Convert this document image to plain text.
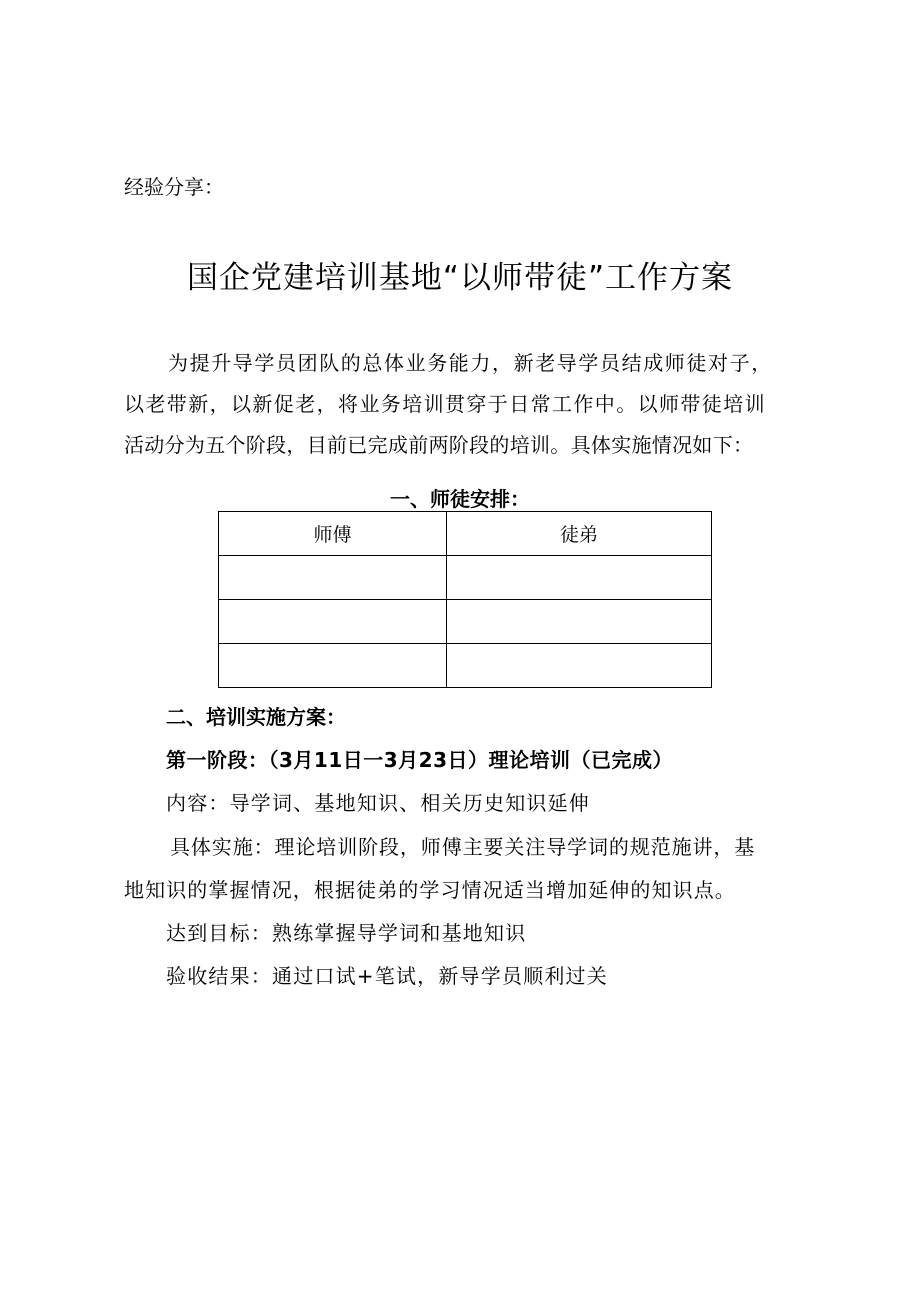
经验分享：
国企党建培训基地“以师带徒”工作方案

为提升导学员团队的总体业务能力，新老导学员结成师徒对子，

以老带新，以新促老，将业务培训贯穿于日常工作中。以师带徒培训

活动分为五个阶段，目前已完成前两阶段的培训。具体实施情况如下：

一、师徒安排：
师傅	徒弟

二、培训实施方案：
第一阶段：（3月11日一3月23日）理论培训（已完成）
内容：导学词、基地知识、相关历史知识延伸
具体实施：理论培训阶段，师傅主要关注导学词的规范施讲，基
地知识的掌握情况，根据徒弟的学习情况适当增加延伸的知识点。
达到目标：熟练掌握导学词和基地知识
验收结果：通过口试+笔试，新导学员顺利过关
